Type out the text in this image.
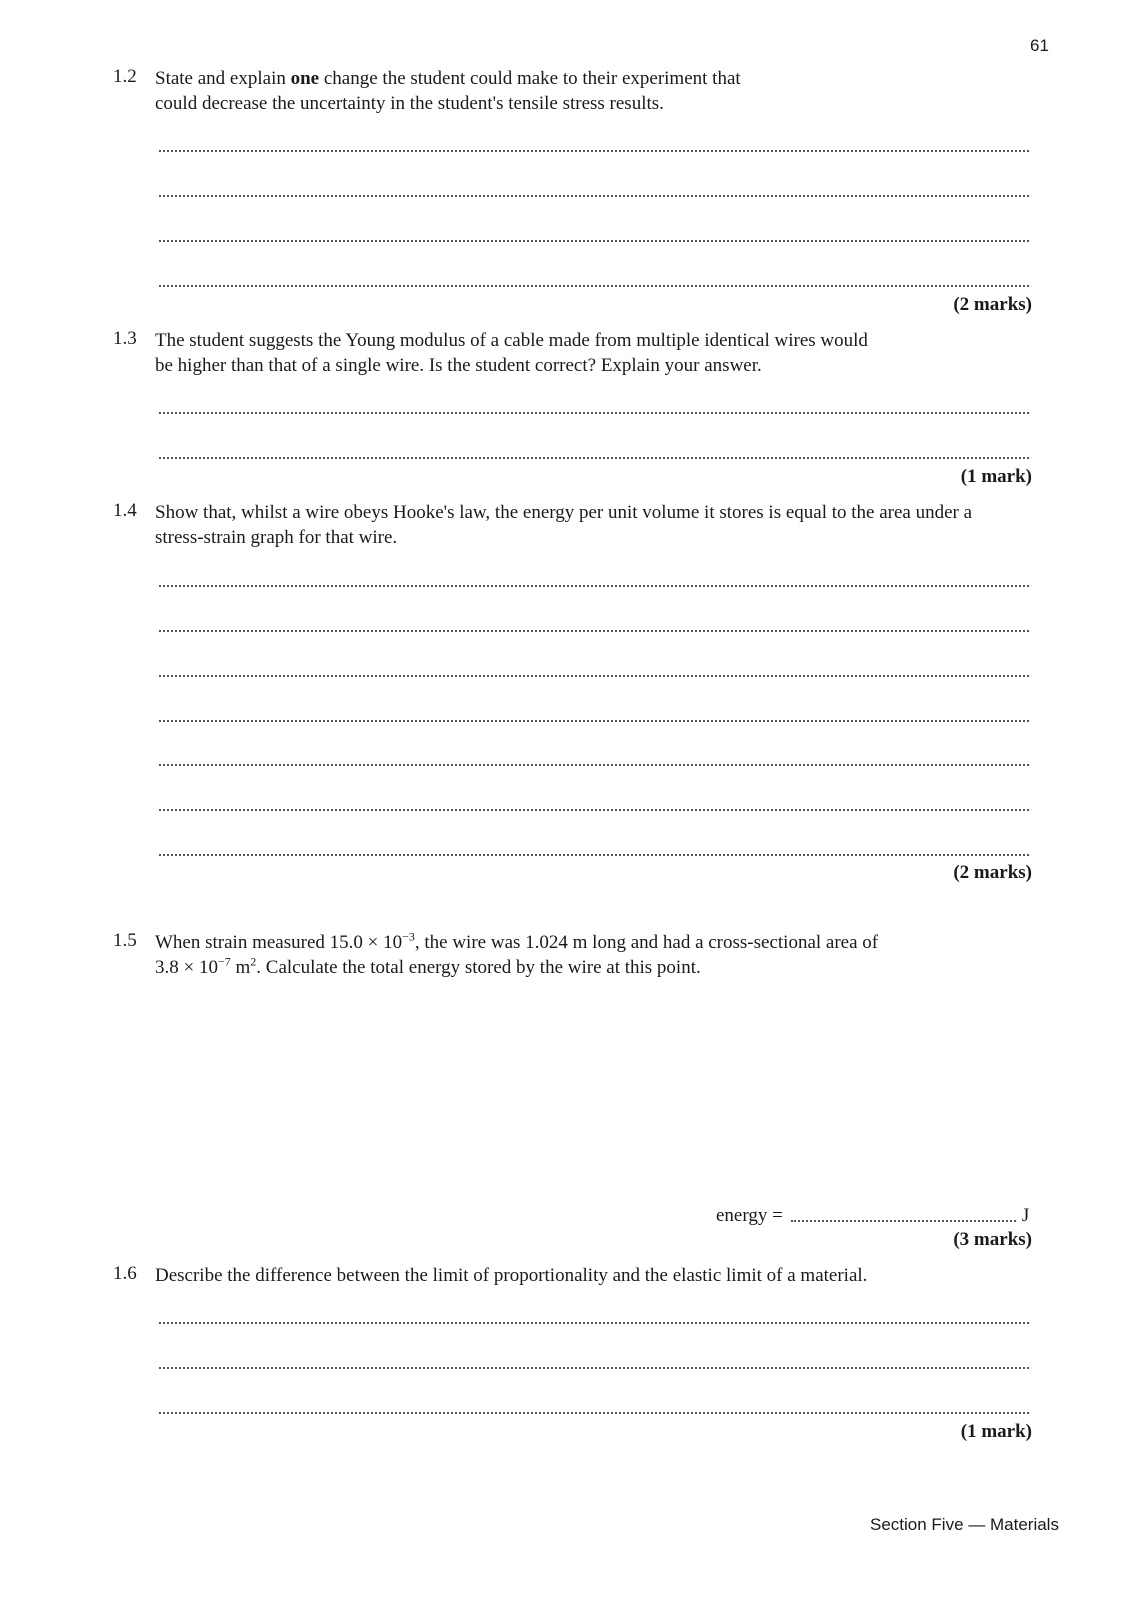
61
1.2 State and explain one change the student could make to their experiment that
could decrease the uncertainty in the student's tensile stress results.
(2 marks)
1.3 The student suggests the Young modulus of a cable made from multiple identical wires would
be higher than that of a single wire. Is the student correct? Explain your answer.
(1 mark)
1.4 Show that, whilst a wire obeys Hooke's law, the energy per unit volume it stores is equal to the area under a
stress-strain graph for that wire.
(2 marks)
1.5 When strain measured $15.0 \times 10^{-3}$, the wire was 1.024 m long and had a cross-sectional area of
$3.8 \times 10^{-7}$ $m^2$. Calculate the total energy stored by the wire at this point.
energy =	J
(3 marks)
1.6 Describe the difference between the limit of proportionality and the elastic limit of a material.
(1 mark)
Section Five — Materials
